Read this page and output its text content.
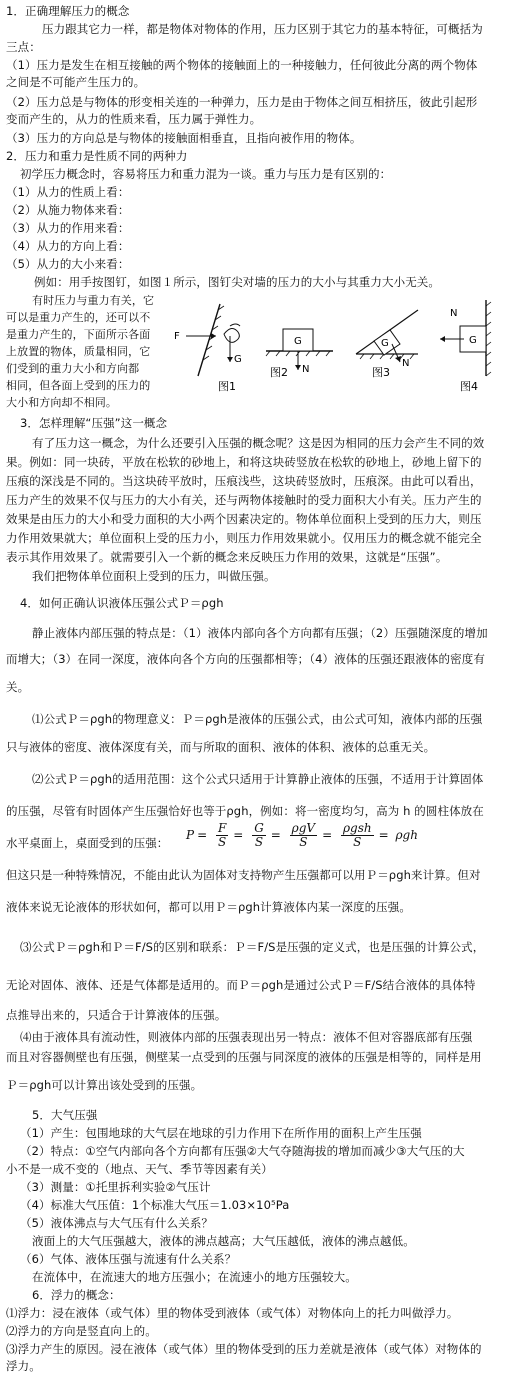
1．正确理解压力的概念
压力跟其它力一样，都是物体对物体的作用，压力区别于其它力的基本特征，可概括为
三点：
（1）压力是发生在相互接触的两个物体的接触面上的一种接触力，任何彼此分离的两个物体
之间是不可能产生压力的。
（2）压力总是与物体的形变相关连的一种弹力，压力是由于物体之间互相挤压，彼此引起形
变而产生的，从力的性质来看，压力属于弹性力。
（3）压力的方向总是与物体的接触面相垂直，且指向被作用的物体。
2．压力和重力是性质不同的两种力
初学压力概念时，容易将压力和重力混为一谈。重力与压力是有区别的：
（1）从力的性质上看：
（2）从施力物体来看：
（3）从力的作用来看：
（4）从力的方向上看：
（5）从力的大小来看：
例如：用手按图钉，如图１所示，图钉尖对墙的压力的大小与其重力大小无关。
有时压力与重力有关，它
可以是重力产生的，还可以不
是重力产生的，下面所示各面
上放置的物体，质量相同，它
们受到的重力大小和方向都
相同，但各面上受到的压力的
大小和方向却不相同。
F
G
图1
G
N
图2
G
N
图3
G
N
图4
3．怎样理解“压强”这一概念
有了压力这一概念，为什么还要引入压强的概念呢？这是因为相同的压力会产生不同的效
果。例如：同一块砖，平放在松软的砂地上，和将这块砖竖放在松软的砂地上，砂地上留下的
压痕的深浅是不同的。当这块砖平放时，压痕浅些，这块砖竖放时，压痕深。由此可以看出，
压力产生的效果不仅与压力的大小有关，还与两物体接触时的受力面积大小有关。压力产生的
效果是由压力的大小和受力面积的大小两个因素决定的。物体单位面积上受到的压力大，则压
力作用效果就大；单位面积上受的压力小，则压力作用效果就小。仅用压力的概念就不能完全
表示其作用效果了。就需要引入一个新的概念来反映压力作用的效果，这就是“压强”。
我们把物体单位面积上受到的压力，叫做压强。
4．如何正确认识液体压强公式Ｐ＝ρgh
静止液体内部压强的特点是：（1）液体内部向各个方向都有压强；（2）压强随深度的增加
而增大；（3）在同一深度，液体向各个方向的压强都相等；（4）液体的压强还跟液体的密度有
关。
⑴公式Ｐ＝ρgh的物理意义：Ｐ＝ρgh是液体的压强公式，由公式可知，液体内部的压强
只与液体的密度、液体深度有关，而与所取的面积、液体的体积、液体的总重无关。
⑵公式Ｐ＝ρgh的适用范围：这个公式只适用于计算静止液体的压强，不适用于计算固体
的压强，尽管有时固体产生压强恰好也等于ρgh，例如：将一密度均匀，高为 h 的圆柱体放在
水平桌面上，桌面受到的压强：
$P = \frac{F}{S} = \frac{G}{S} = \frac{\text{ρgV}}{S} = \frac{\text{ρgsh}}{S} = \rho gh$
但这只是一种特殊情况，不能由此认为固体对支持物产生压强都可以用Ｐ＝ρgh来计算。但对
液体来说无论液体的形状如何，都可以用Ｐ＝ρgh计算液体内某一深度的压强。
⑶公式Ｐ＝ρgh和Ｐ＝F/S的区别和联系：Ｐ＝F/S是压强的定义式，也是压强的计算公式，
无论对固体、液体、还是气体都是适用的。而Ｐ＝ρgh是通过公式Ｐ＝F/S结合液体的具体特
点推导出来的，只适合于计算液体的压强。
⑷由于液体具有流动性，则液体内部的压强表现出另一特点：液体不但对容器底部有压强
而且对容器侧壁也有压强，侧壁某一点受到的压强与同深度的液体的压强是相等的，同样是用
Ｐ＝ρgh可以计算出该处受到的压强。
5．大气压强
（1）产生：包围地球的大气层在地球的引力作用下在所作用的面积上产生压强
（2）特点：①空气内部向各个方向都有压强②大气夺随海拔的增加而减少③大气压的大
小不是一成不变的（地点、天气、季节等因素有关）
（3）测量：①托里拆利实验②气压计
（4）标准大气压值：1个标准大气压＝1.03×10⁵Pa
（5）液体沸点与大气压有什么关系？
液面上的大气压强越大，液体的沸点越高；大气压越低，液体的沸点越低。
（6）气体、液体压强与流速有什么关系？
在流体中，在流速大的地方压强小；在流速小的地方压强较大。
6．浮力的概念：
⑴浮力：浸在液体（或气体）里的物体受到液体（或气体）对物体向上的托力叫做浮力。
⑵浮力的方向是竖直向上的。
⑶浮力产生的原因。浸在液体（或气体）里的物体受到的压力差就是液体（或气体）对物体的
浮力。
